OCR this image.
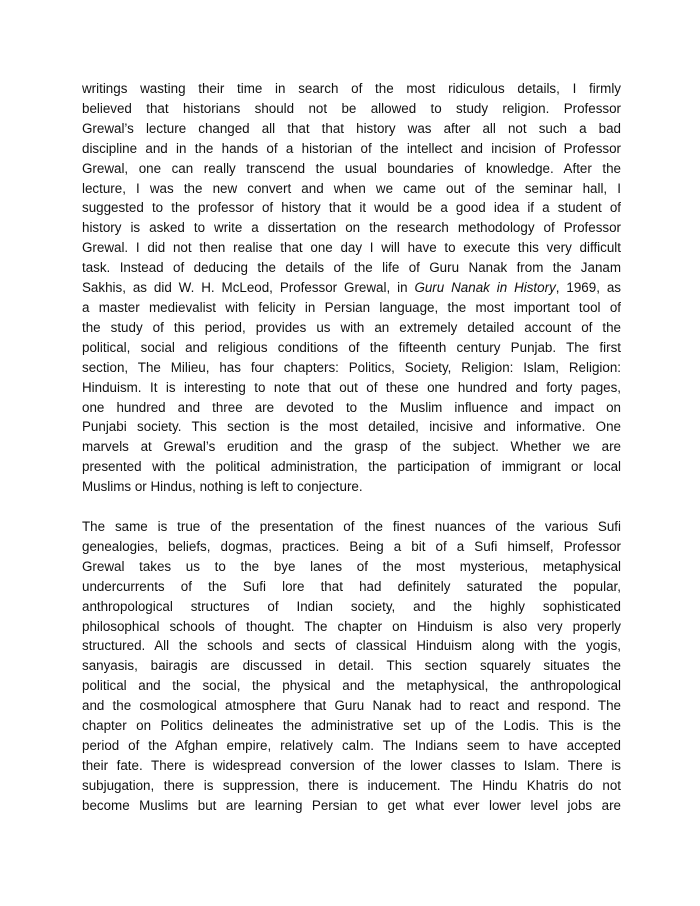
writings wasting their time in search of the most ridiculous details, I firmly
believed that historians should not be allowed to study religion. Professor
Grewal’s lecture changed all that that history was after all not such a bad
discipline and in the hands of a historian of the intellect and incision of Professor
Grewal, one can really transcend the usual boundaries of knowledge. After the
lecture, I was the new convert and when we came out of the seminar hall, I
suggested to the professor of history that it would be a good idea if a student of
history is asked to write a dissertation on the research methodology of Professor
Grewal. I did not then realise that one day I will have to execute this very difficult
task. Instead of deducing the details of the life of Guru Nanak from the Janam
Sakhis, as did W. H. McLeod, Professor Grewal, in Guru Nanak in History, 1969, as
a master medievalist with felicity in Persian language, the most important tool of
the study of this period, provides us with an extremely detailed account of the
political, social and religious conditions of the fifteenth century Punjab. The first
section, The Milieu, has four chapters: Politics, Society, Religion: Islam, Religion:
Hinduism. It is interesting to note that out of these one hundred and forty pages,
one hundred and three are devoted to the Muslim influence and impact on
Punjabi society. This section is the most detailed, incisive and informative. One
marvels at Grewal’s erudition and the grasp of the subject. Whether we are
presented with the political administration, the participation of immigrant or local
Muslims or Hindus, nothing is left to conjecture.
The same is true of the presentation of the finest nuances of the various Sufi
genealogies, beliefs, dogmas, practices. Being a bit of a Sufi himself, Professor
Grewal takes us to the bye lanes of the most mysterious, metaphysical
undercurrents of the Sufi lore that had definitely saturated the popular,
anthropological structures of Indian society, and the highly sophisticated
philosophical schools of thought. The chapter on Hinduism is also very properly
structured. All the schools and sects of classical Hinduism along with the yogis,
sanyasis, bairagis are discussed in detail. This section squarely situates the
political and the social, the physical and the metaphysical, the anthropological
and the cosmological atmosphere that Guru Nanak had to react and respond. The
chapter on Politics delineates the administrative set up of the Lodis. This is the
period of the Afghan empire, relatively calm. The Indians seem to have accepted
their fate. There is widespread conversion of the lower classes to Islam. There is
subjugation, there is suppression, there is inducement. The Hindu Khatris do not
become Muslims but are learning Persian to get what ever lower level jobs are
